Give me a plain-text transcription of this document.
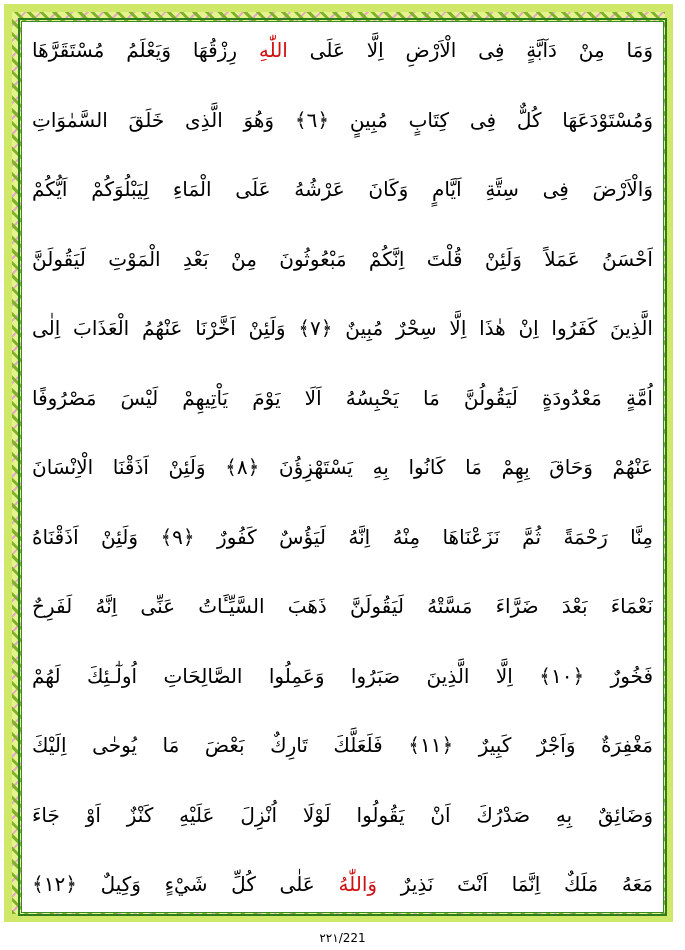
وَمَا مِنْ دَآبَّةٍ فِى الْاَرْضِ اِلَّا عَلَى اللّٰهِ رِزْقُهَا وَيَعْلَمُ مُسْتَقَرَّهَا
وَمُسْتَوْدَعَهَا كُلٌّ فِى كِتَابٍ مُبِينٍ ﴿٦﴾ وَهُوَ الَّذِى خَلَقَ السَّمٰوَاتِ
وَالْاَرْضَ فِى سِتَّةِ اَيَّامٍ وَكَانَ عَرْشُهُ عَلَى الْمَاءِ لِيَبْلُوَكُمْ اَيُّكُمْ
اَحْسَنُ عَمَلاً وَلَئِنْ قُلْتَ اِنَّكُمْ مَبْعُوثُونَ مِنْ بَعْدِ الْمَوْتِ لَيَقُولَنَّ
الَّذِينَ كَفَرُوا اِنْ هٰذَا اِلَّا سِحْرٌ مُبِينٌ ﴿٧﴾ وَلَئِنْ اَخَّرْنَا عَنْهُمُ الْعَذَابَ اِلٰى
اُمَّةٍ مَعْدُودَةٍ لَيَقُولُنَّ مَا يَحْبِسُهُ اَلَا يَوْمَ يَاْتِيهِمْ لَيْسَ مَصْرُوفًا
عَنْهُمْ وَحَاقَ بِهِمْ مَا كَانُوا بِهِ يَسْتَهْزِؤُنَ ﴿٨﴾ وَلَئِنْ اَذَقْنَا الْاِنْسَانَ
مِنَّا رَحْمَةً ثُمَّ نَزَعْنَاهَا مِنْهُ اِنَّهُ لَيَؤُسٌ كَفُورٌ ﴿٩﴾ وَلَئِنْ اَذَقْنَاهُ
نَعْمَاءَ بَعْدَ ضَرَّاءَ مَسَّتْهُ لَيَقُولَنَّ ذَهَبَ السَّيِّـَٔاتُ عَنِّى اِنَّهُ لَفَرِحٌ
فَخُورٌ ﴿١٠﴾ اِلَّا الَّذِينَ صَبَرُوا وَعَمِلُوا الصَّالِحَاتِ اُولٰٓـئِكَ لَهُمْ
مَغْفِرَةٌ وَاَجْرٌ كَبِيرٌ ﴿١١﴾ فَلَعَلَّكَ تَارِكٌ بَعْضَ مَا يُوحٰى اِلَيْكَ
وَضَائِقٌ بِهِ صَدْرُكَ اَنْ يَقُولُوا لَوْلَا اُنْزِلَ عَلَيْهِ كَنْزٌ اَوْ جَاءَ
مَعَهُ مَلَكٌ اِنَّمَا اَنْتَ نَذِيرٌ وَاللّٰهُ عَلٰى كُلِّ شَيْءٍ وَكِيلٌ ﴿١٢﴾
٢٢١/221
